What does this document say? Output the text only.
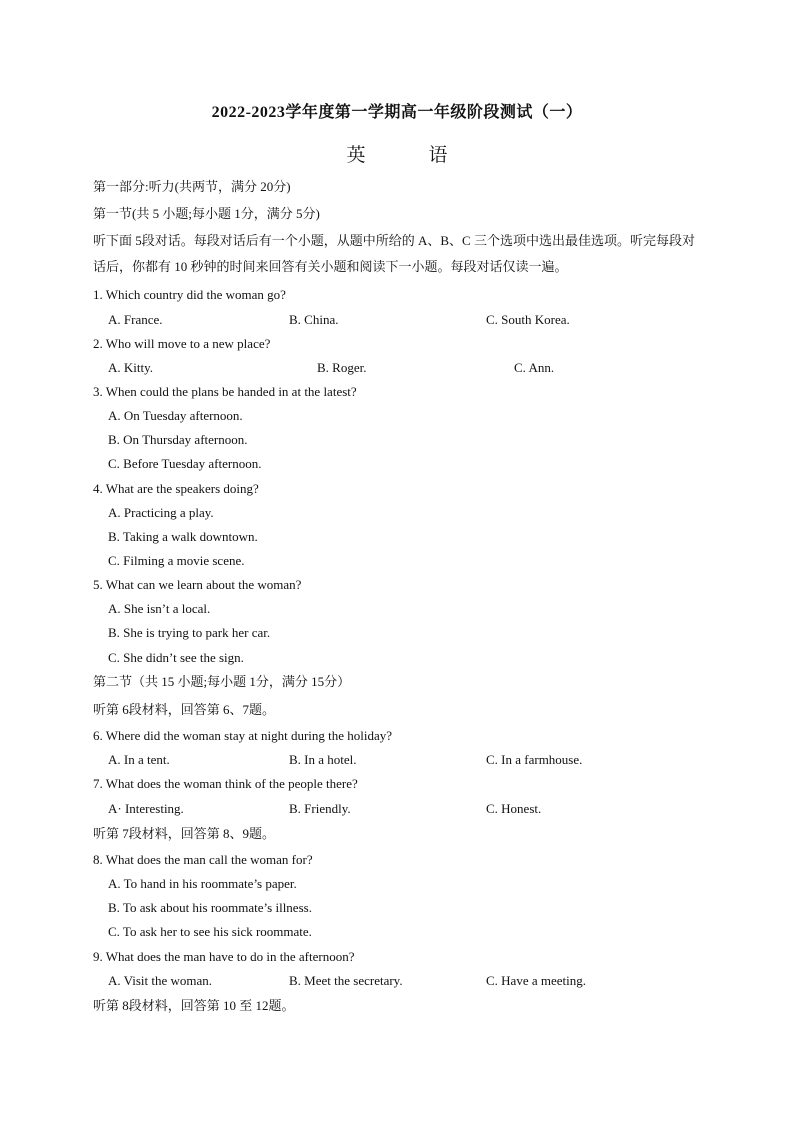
2022-2023学年度第一学期高一年级阶段测试（一）
英　语
第一部分:听力(共两节，满分 20分)
第一节(共 5 小题;每小题 1分，满分 5分)
听下面 5段对话。每段对话后有一个小题，从题中所给的 A、B、C 三个选项中选出最佳选项。听完每段对话后，你都有 10 秒钟的时间来回答有关小题和阅读下一小题。每段对话仅读一遍。
1. Which country did the woman go?
A. France.	B. China.	C. South Korea.
2. Who will move to a new place?
A. Kitty.	B. Roger.	C. Ann.
3. When could the plans be handed in at the latest?
A. On Tuesday afternoon.
B. On Thursday afternoon.
C. Before Tuesday afternoon.
4. What are the speakers doing?
A. Practicing a play.
B. Taking a walk downtown.
C. Filming a movie scene.
5. What can we learn about the woman?
A. She isn’t a local.
B. She is trying to park her car.
C. She didn’t see the sign.
第二节（共 15 小题;每小题 1分，满分 15分）
听第 6段材料，回答第 6、7题。
6. Where did the woman stay at night during the holiday?
A. In a tent.	B. In a hotel.	C. In a farmhouse.
7. What does the woman think of the people there?
A· Interesting.	B. Friendly.	C. Honest.
听第 7段材料，回答第 8、9题。
8. What does the man call the woman for?
A. To hand in his roommate’s paper.
B. To ask about his roommate’s illness.
C. To ask her to see his sick roommate.
9. What does the man have to do in the afternoon?
A. Visit the woman.	B. Meet the secretary.	C. Have a meeting.
听第 8段材料，回答第 10 至 12题。
